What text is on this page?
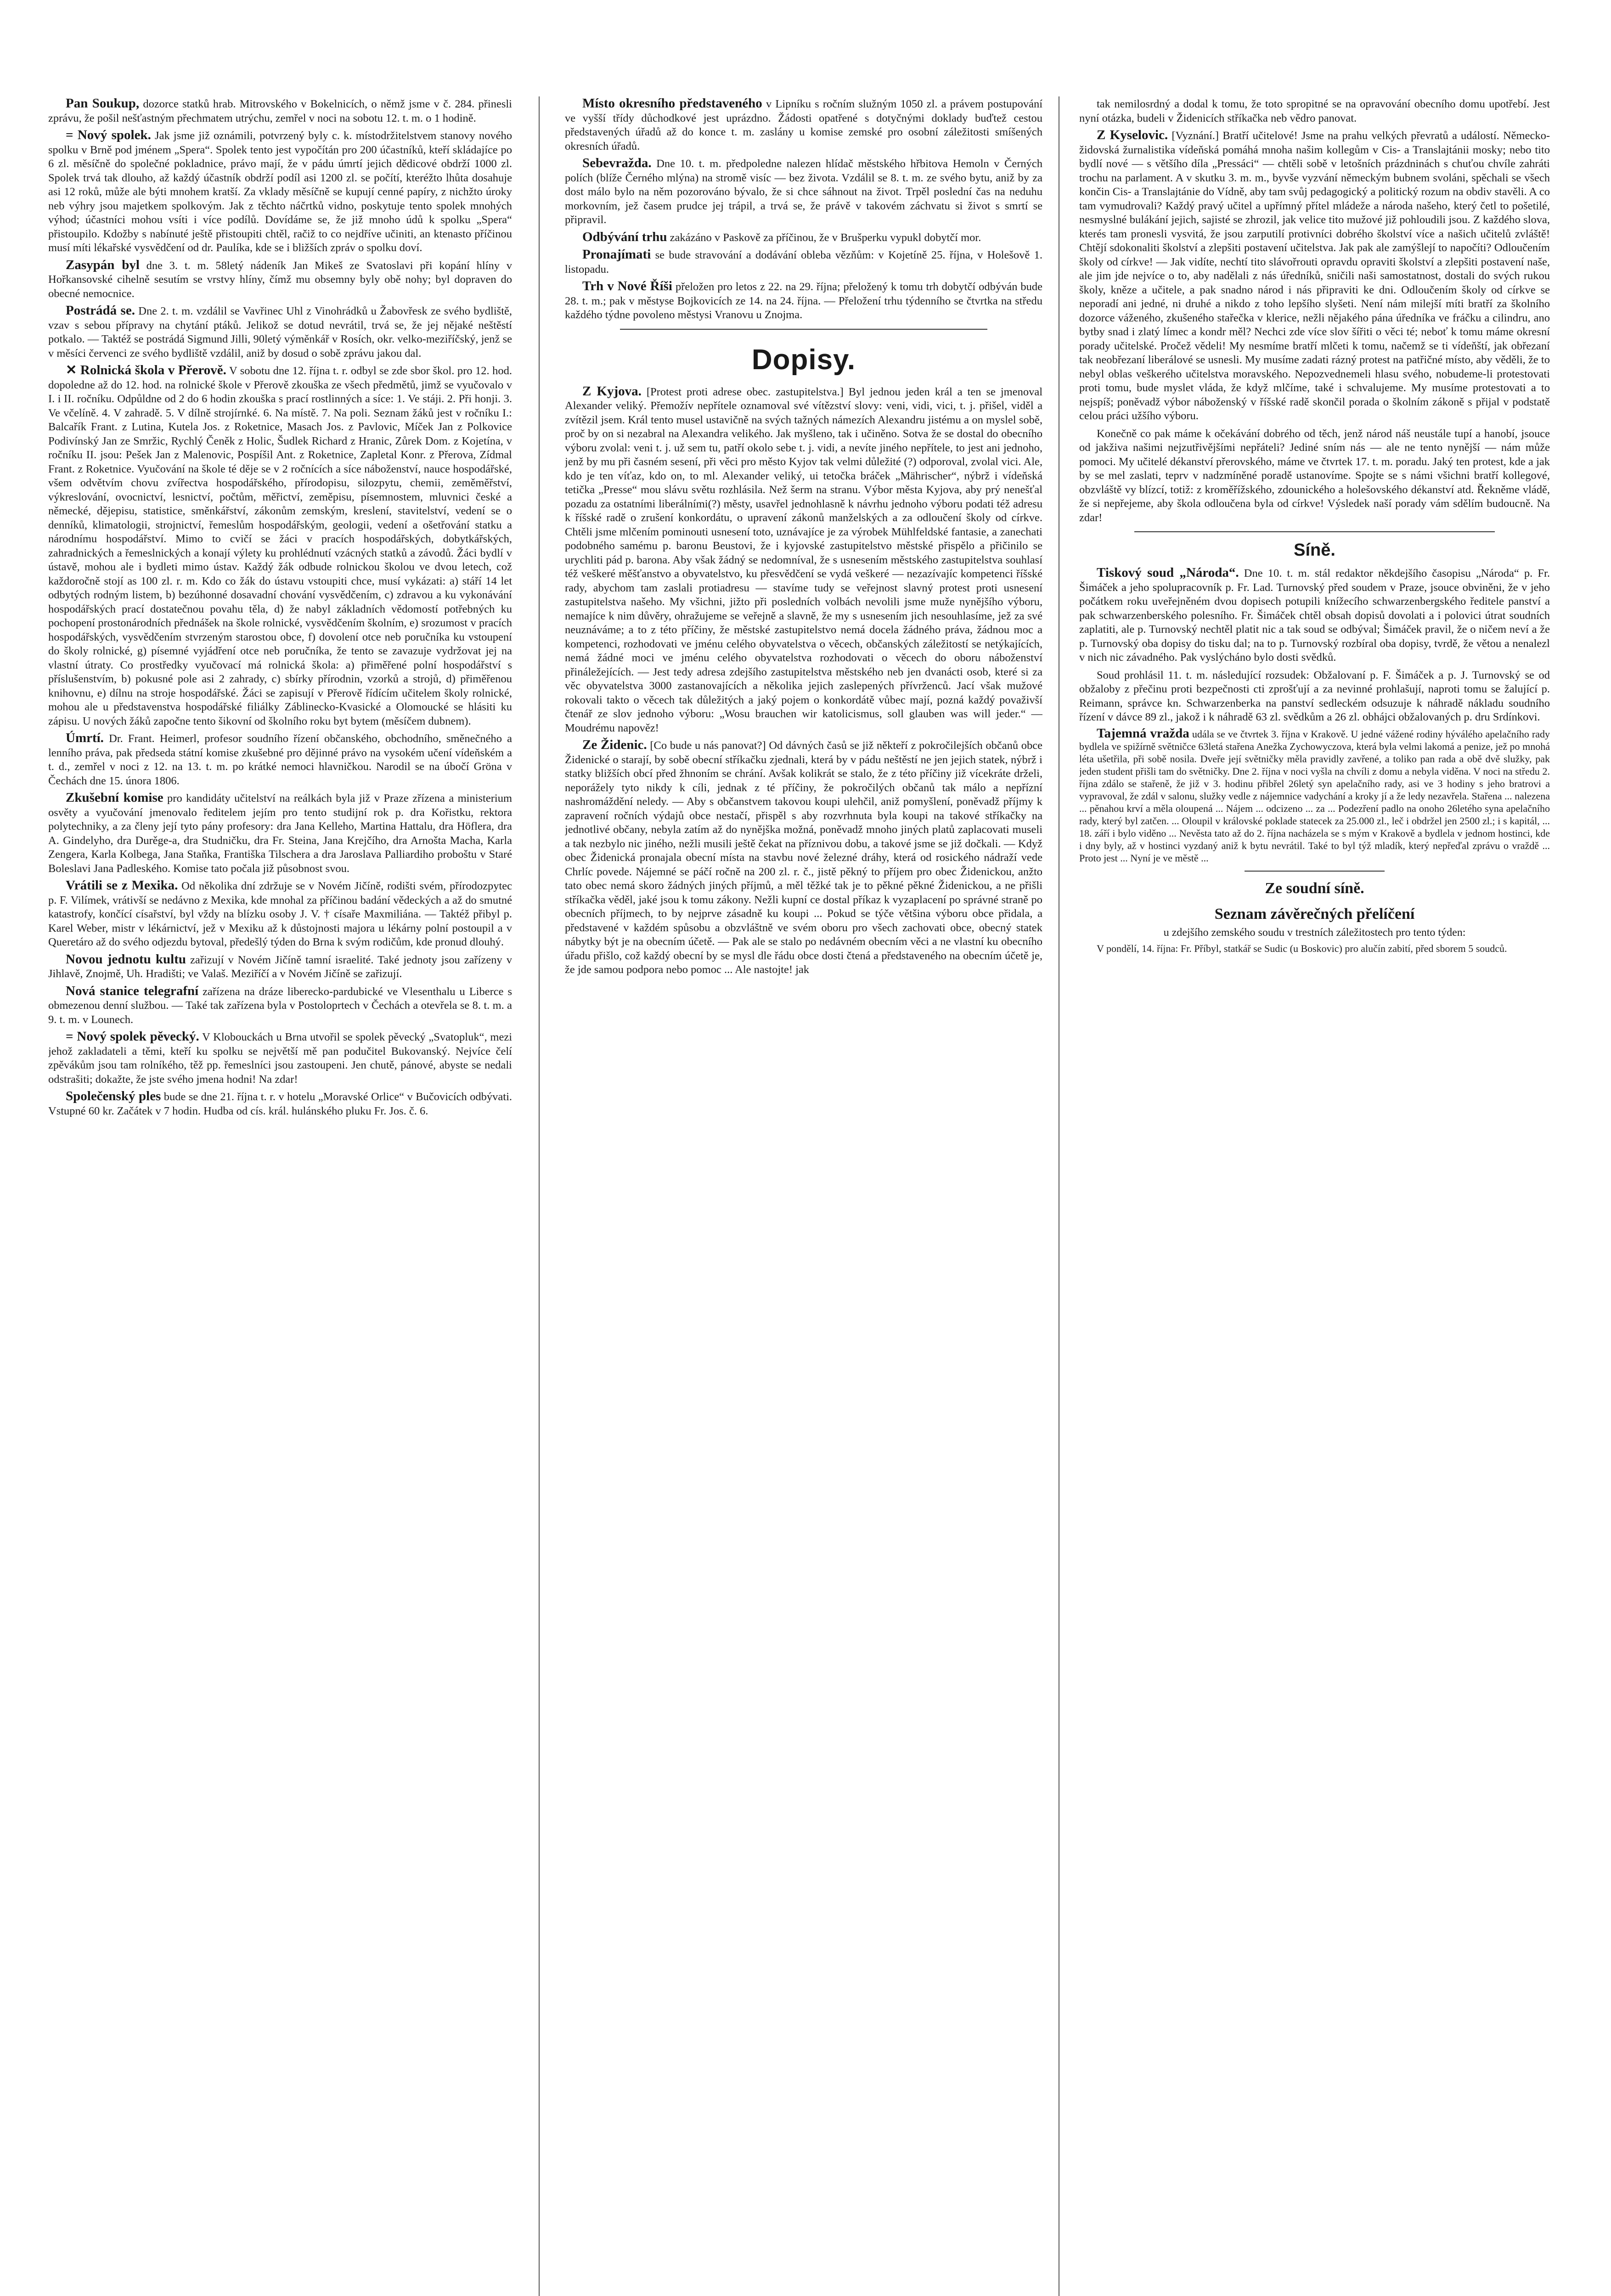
Pan Soukup, dozorce statků hrab. Mitrovského v Bokelnicích, o němž jsme v č. 284. přinesli zprávu, že pošil nešťastným přechmatem utrýchu, zemřel v noci na sobotu 12. t. m. o 1 hodině.

= Nový spolek. Jak jsme již oznámili, potvrzený byly c. k. místodržitelstvem stanovy nového spolku v Brně pod jménem „Spera“. Spolek tento jest vypočítán pro 200 účastníků, kteří skládajíce po 6 zl. měsíčně do společné pokladnice, právo mají, že v pádu úmrtí jejich dědicové obdrží 1000 zl. Spolek trvá tak dlouho, až každý účastník obdrží podíl asi 1200 zl. se počítí, kteréžto lhůta dosahuje asi 12 roků, může ale býti mnohem kratší. Za vklady měsíčně se kupují cenné papíry, z nichžto úroky neb výhry jsou majetkem spolkovým. Jak z těchto náčrtků vidno, poskytuje tento spolek mnohých výhod; účastníci mohou vsíti i více podílů. Dovídáme se, že již mnoho údů k spolku „Spera“ přistoupilo. Kdožby s nabínuté ještě přistoupiti chtěl, račiž to co nejdříve učiniti, an ktenasto příčinou musí míti lékařské vysvědčení od dr. Paulíka, kde se i bližších zpráv o spolku doví.

Zasypán byl dne 3. t. m. 58letý nádeník Jan Mikeš ze Svatoslavi při kopání hlíny v Hořkansovské cihelně sesutím se vrstvy hlíny, čímž mu obsemny byly obě nohy; byl dopraven do obecné nemocnice.

Postrádá se. Dne 2. t. m. vzdálil se Vavřinec Uhl z Vinohrádků u Žabovřesk ze svého bydliště, vzav s sebou přípravy na chytání ptáků. Jelikož se dotud nevrátil, trvá se, že jej nějaké neštěstí potkalo. — Taktéž se postrádá Sigmund Jilli, 90letý výměnkář v Rosích, okr. velko-meziříčský, jenž se v měsíci červenci ze svého bydliště vzdálil, aniž by dosud o sobě zprávu jakou dal.

✕ Rolnická škola v Přerově. V sobotu dne 12. října t. r. odbyl se zde sbor škol. pro 12. hod. dopoledne až do 12. hod. na rolnické škole v Přerově zkouška ze všech předmětů, jimž se vyučovalo v I. i II. ročníku. Odpůldne od 2 do 6 hodin zkouška s prací rostlinných a síce: 1. Ve stáji. 2. Při honji. 3. Ve včelíně. 4. V zahradě. 5. V dílně strojírnké. 6. Na místě. 7. Na poli. Seznam žáků jest v ročníku I.: Balcařík Frant. z Lutina, Kutela Jos. z Roketnice, Masach Jos. z Pavlovic, Míček Jan z Polkovice Podivínský Jan ze Smržic, Rychlý Čeněk z Holic, Šudlek Richard z Hranic, Zůrek Dom. z Kojetína, v ročníku II. jsou: Pešek Jan z Malenovic, Pospíšil Ant. z Roketnice, Zapletal Konr. z Přerova, Zídmal Frant. z Roketnice. Vyučování na škole té děje se v 2 ročnících a síce náboženství, nauce hospodářské, všem odvětvím chovu zvířectva hospodářského, přírodopisu, silozpytu, chemii, zeměměřství, výkreslování, ovocnictví, lesnictví, počtům, měřictví, zeměpisu, písemnostem, mluvnici české a německé, dějepisu, statistice, směnkářství, zákonům zemským, kreslení, stavitelství, vedení se o denníků, klimatologii, strojnictví, řemeslům hospodářským, geologii, vedení a ošetřování statku a národnímu hospodářství. Mimo to cvičí se žáci v pracích hospodářských, dobytkářských, zahradnických a řemeslnických a konají výlety ku prohlédnutí vzácných statků a závodů. Žáci bydlí v ústavě, mohou ale i bydleti mimo ústav. Každý žák odbude rolnickou školou ve dvou letech, což každoročně stojí as 100 zl. r. m. Kdo co žák do ústavu vstoupiti chce, musí vykázati: a) stáří 14 let odbytých rodným listem, b) bezúhonné dosavadní chování vysvědčením, c) zdravou a ku vykonávání hospodářských prací dostatečnou povahu těla, d) že nabyl základních vědomostí potřebných ku pochopení prostonárodních přednášek na škole rolnické, vysvědčením školním, e) srozumost v pracích hospodářských, vysvědčením stvrzeným starostou obce, f) dovolení otce neb poručníka ku vstoupení do školy rolnické, g) písemné vyjádření otce neb poručníka, že tento se zavazuje vydržovat jej na vlastní útraty. Co prostředky vyučovací má rolnická škola: a) přiměřené polní hospodářství s příslušenstvím, b) pokusné pole asi 2 zahrady, c) sbírky přírodnin, vzorků a strojů, d) přiměřenou knihovnu, e) dílnu na stroje hospodářské. Žáci se zapisují v Přerově řídícím učitelem školy rolnické, mohou ale u představenstva hospodářské filiálky Záblinecko-Kvasické a Olomoucké se hlásiti ku zápisu. U nových žáků započne tento šikovní od školního roku byt bytem (měsíčem dubnem).

Úmrtí. Dr. Frant. Heimerl, profesor soudního řízení občanského, obchodního, směnečného a lenního práva, pak předseda státní komise zkušebné pro dějinné právo na vysokém učení vídeňském a t. d., zemřel v noci z 12. na 13. t. m. po krátké nemoci hlavničkou. Narodil se na úbočí Gröna v Čechách dne 15. února 1806.

Zkušební komise pro kandidáty učitelství na reálkách byla již v Praze zřízena a ministerium osvěty a vyučování jmenovalo ředitelem jejím pro tento studijní rok p. dra Kořistku, rektora polytechniky, a za členy její tyto pány profesory: dra Jana Kelleho, Martina Hattalu, dra Höflera, dra A. Gindelyho, dra Durěge-a, dra Studničku, dra Fr. Steina, Jana Krejčího, dra Arnošta Macha, Karla Zengera, Karla Kolbega, Jana Staňka, Františka Tilschera a dra Jaroslava Palliardiho proboštu v Staré Boleslavi Jana Padleského. Komise tato počala již působnost svou.

Vrátili se z Mexika. Od několika dní zdržuje se v Novém Jičíně, rodišti svém, přírodozpytec p. F. Vilímek, vrátivší se nedávno z Mexika, kde mnohal za příčinou badání vědeckých a až do smutné katastrofy, končící císařství, byl vždy na blízku osoby J. V. † císaře Maxmiliána. — Taktéž přibyl p. Karel Weber, mistr v lékárnictví, jež v Mexiku až k důstojnosti majora u lékárny polní postoupil a v Queretáro až do svého odjezdu bytoval, předešlý týden do Brna k svým rodičům, kde pronud dlouhý.

Novou jednotu kultu zařizují v Novém Jičíně tamní israelité. Také jednoty jsou zařízeny v Jihlavě, Znojmě, Uh. Hradišti; ve Valaš. Meziříčí a v Novém Jičíně se zařizují.

Nová stanice telegrafní zařízena na dráze liberecko-pardubické ve Vlesenthalu u Liberce s obmezenou denní službou. — Také tak zařízena byla v Postoloprtech v Čechách a otevřela se 8. t. m. a 9. t. m. v Lounech.

= Nový spolek pěvecký. V Klobouckách u Brna utvořil se spolek pěvecký „Svatopluk“, mezi jehož zakladateli a těmi, kteří ku spolku se největší mě pan podučitel Bukovanský. Nejvíce čelí zpěvákům jsou tam rolníkého, těž pp. řemeslníci jsou zastoupeni. Jen chutě, pánové, abyste se nedali odstrašiti; dokažte, že jste svého jmena hodni! Na zdar!

Společenský ples bude se dne 21. října t. r. v hotelu „Moravské Orlice“ v Bučovicích odbývati. Vstupné 60 kr. Začátek v 7 hodin. Hudba od cís. král. hulánského pluku Fr. Jos. č. 6.

Místo okresního představeného v Lipníku s ročním služným 1050 zl. a právem postupování ve vyšší třídy důchodkové jest uprázdno. Žádosti opatřené s dotyčnými doklady buďtež cestou představených úřadů až do konce t. m. zaslány u komise zemské pro osobní záležitosti smíšených okresních úřadů.

Sebevražda. Dne 10. t. m. předpoledne nalezen hlídač městského hřbitova Hemoln v Černých polích (blíže Černého mlýna) na stromě visíc — bez života. Vzdálil se 8. t. m. ze svého bytu, aniž by za dost málo bylo na něm pozorováno bývalo, že si chce sáhnout na život. Trpěl poslední čas na neduhu morkovním, jež časem prudce jej trápil, a trvá se, že právě v takovém záchvatu si život s smrtí se připravil.

Odbývání trhu zakázáno v Paskově za příčinou, že v Brušperku vypukl dobytčí mor.

Pronajímati se bude stravování a dodávání obleba vězňům: v Kojetíně 25. října, v Holešově 1. listopadu.

Trh v Nové Říši přeložen pro letos z 22. na 29. října; přeložený k tomu trh dobytčí odbýván bude 28. t. m.; pak v městyse Bojkovicích ze 14. na 24. října. — Přeložení trhu týdenního se čtvrtka na středu každého týdne povoleno městysi Vranovu u Znojma.

Dopisy.

Z Kyjova. [Protest proti adrese obec. zastupitelstva.] Byl jednou jeden král a ten se jmenoval Alexander veliký. Přemožív nepřítele oznamoval své vítězství slovy: veni, vidi, vici, t. j. přišel, viděl a zvítězil jsem. Král tento musel ustavičně na svých tažných námezích Alexandru jistému a on myslel sobě, proč by on si nezabral na Alexandra velikého. Jak myšleno, tak i učiněno. Sotva že se dostal do obecního výboru zvolal: veni t. j. už sem tu, patří okolo sebe t. j. vidi, a nevíte jiného nepřítele, to jest ani jednoho, jenž by mu při časném sesení, při věci pro město Kyjov tak velmi důležité (?) odporoval, zvolal vici. Ale, kdo je ten víťaz, kdo on, to ml. Alexander veliký, ui tetočka bráček „Mährischer“, nýbrž i vídeňská tetička „Presse“ mou slávu světu rozhlásila. Než šerm na stranu. Výbor města Kyjova, aby prý nenešťal pozadu za ostatními liberálními(?) městy, usavřel jednohlasně k návrhu jednoho výboru podati též adresu k říšské radě o zrušení konkordátu, o upravení zákonů manželských a za odloučení školy od církve. Chtěli jsme mlčením pominouti usnesení toto, uznávajíce je za výrobek Mühlfeldské fantasie, a zanechati podobného samému p. baronu Beustovi, že i kyjovské zastupitelstvo městské přispělo a přičinilo se urychliti pád p. barona. Aby však žádný se nedomníval, že s usnesením městského zastupitelstva souhlasí též veškeré měšťanstvo a obyvatelstvo, ku přesvědčení se vydá veškeré — nezazívajíc kompetenci říšské rady, abychom tam zaslali protiadresu — stavíme tudy se veřejnost slavný protest proti usnesení zastupitelstva našeho. My všichni, jižto při posledních volbách nevolili jsme muže nynějšího výboru, nemajíce k nim důvěry, ohražujeme se veřejně a slavně, že my s usnesením jich nesouhlasíme, jež za své neuznáváme; a to z této příčiny, že městské zastupitelstvo nemá docela žádného práva, žádnou moc a kompetenci, rozhodovati ve jménu celého obyvatelstva o věcech, občanských záležitostí se netýkajících, nemá žádné moci ve jménu celého obyvatelstva rozhodovati o věcech do oboru náboženství přináležejících. — Jest tedy adresa zdejšího zastupitelstva městského neb jen dvanácti osob, které si za věc obyvatelstva 3000 zastanovajících a několika jejich zaslepených přívrženců. Jací však mužové rokovali takto o věcech tak důležitých a jaký pojem o konkordátě vůbec mají, pozná každý považivší čtenář ze slov jednoho výboru: „Wosu brauchen wir katolicismus, soll glauben was will jeder.“ — Moudrému napověz!

Ze Židenic. [Co bude u nás panovat?] Od dávných časů se již někteří z pokročilejších občanů obce Židenické o starají, by sobě obecní stříkačku zjednali, která by v pádu neštěstí ne jen jejich statek, nýbrž i statky bližších obcí před žhnoním se chrání. Avšak kolikrát se stalo, že z této příčiny již vícekráte drželi, neporážely tyto nikdy k cíli, jednak z té příčiny, že pokročilých občanů tak málo a nepřízní nashromáždění neledy. — Aby s občanstvem takovou koupi ulehčil, aniž pomyšlení, poněvadž příjmy k zapravení ročních výdajů obce nestačí, přispěl s aby rozvrhnuta byla koupi na takové stříkačky na jednotlivé občany, nebyla zatím až do nynějška možná, poněvadž mnoho jiných platů zaplacovati museli a tak nezbylo nic jiného, nežli musili ještě čekat na příznivou dobu, a takové jsme se již dočkali. — Když obec Židenická pronajala obecní místa na stavbu nové železné dráhy, která od rosického nádraží vede Chrlíc povede. Nájemné se páčí ročně na 200 zl. r. č., jistě pěkný to příjem pro obec Židenickou, anžto tato obec nemá skoro žádných jiných příjmů, a měl těžké tak je to pěkné pěkné Židenickou, a ne přišli stříkačka věděl, jaké jsou k tomu zákony. Nežli kupní ce dostal příkaz k vyzaplacení po správné straně po obecních příjmech, to by nejprve zásadně ku koupi ... Pokud se týče většina výboru obce přidala, a představené v každém spůsobu a obzvláštně ve svém oboru pro všech zachovati obce, obecný statek nábytky být je na obecním účetě. — Pak ale se stalo po nedávném obecním věci a ne vlastní ku obecního úřadu přišlo, což každý obecní by se mysl dle řádu obce dosti čtená a představeného na obecním účetě je, že jde samou podpora nebo pomoc ... Ale nastojte! jak

tak nemilosrdný a dodal k tomu, že toto spropitné se na opravování obecního domu upotřebí. Jest nyní otázka, budeli v Židenicích stříkačka neb vědro panovat.

Z Kyselovic. [Vyznání.] Bratří učitelové! Jsme na prahu velkých převratů a událostí. Německo-židovská žurnalistika vídeňská pomáhá mnoha našim kollegům v Cis- a Translajtánii mosky; nebo tito bydlí nové — s většího díla „Pressáci“ — chtěli sobě v letošních prázdninách s chuťou chvíle zahráti trochu na parlament. A v skutku 3. m. m., byvše vyzvání německým bubnem svoláni, spěchali se všech končin Cis- a Translajtánie do Vídně, aby tam svůj pedagogický a politický rozum na obdiv stavěli. A co tam vymudrovali? Každý pravý učitel a upřímný přítel mládeže a národa našeho, který četl to pošetilé, nesmyslné bulákání jejich, sajisté se zhrozil, jak velice tito mužové již pohloudili jsou. Z každého slova, kterés tam pronesli vysvitá, že jsou zarputilí protivníci dobrého školství více a našich učitelů zvláště! Chtějí sdokonaliti školství a zlepšiti postavení učitelstva. Jak pak ale zamýšlejí to napočíti? Odloučením školy od církve! — Jak vidíte, nechtí tito slávořrouti opravdu opraviti školství a zlepšiti postavení naše, ale jim jde nejvíce o to, aby nadělali z nás úředníků, sničili naši samostatnost, dostali do svých rukou školy, kněze a učitele, a pak snadno národ i nás připraviti ke dni. Odloučením školy od církve se neporadí ani jedné, ni druhé a nikdo z toho lepšího slyšeti. Není nám milejší míti bratří za školního dozorce váženého, zkušeného stařečka v klerice, nežli nějakého pána úředníka ve fráčku a cilindru, ano bytby snad i zlatý límec a kondr měl? Nechci zde více slov šířiti o věci té; neboť k tomu máme okresní porady učitelské. Pročež vědeli! My nesmíme bratří mlčeti k tomu, načemž se ti vídeňští, jak obřezaní tak neobřezaní liberálové se usnesli. My musíme zadati rázný protest na patřičné místo, aby věděli, že to nebyl oblas veškerého učitelstva moravského. Nepozvednemeli hlasu svého, nobudeme-li protestovati proti tomu, bude myslet vláda, že když mlčíme, také i schvalujeme. My musíme protestovati a to nejspíš; poněvadž výbor náboženský v říšské radě skončil porada o školním zákoně s přijal v podstatě celou práci užšího výboru.

Konečně co pak máme k očekávání dobrého od těch, jenž národ náš neustále tupí a hanobí, jsouce od jakživa našimi nejzutřivějšími nepřáteli? Jediné sním nás — ale ne tento nynější — nám může pomoci. My učitelé dékanství přerovského, máme ve čtvrtek 17. t. m. poradu. Jaký ten protest, kde a jak by se mel zaslati, teprv v nadzmíněné poradě ustanovíme. Spojte se s námi všichni bratří kollegové, obzvláště vy blízcí, totiž: z kroměřížského, zdounického a holešovského dékanství atd. Řekněme vládě, že si nepřejeme, aby škola odloučena byla od církve! Výsledek naší porady vám sdělím budoucně. Na zdar!

Síně.

Tiskový soud „Národa“. Dne 10. t. m. stál redaktor někdejšího časopisu „Národa“ p. Fr. Šimáček a jeho spolupracovník p. Fr. Lad. Turnovský před soudem v Praze, jsouce obviněni, že v jeho počátkem roku uveřejněném dvou dopisech potupili knížecího schwarzenbergského ředitele panství a pak schwarzenberského polesního. Fr. Šimáček chtěl obsah dopisů dovolati a i polovici útrat soudních zaplatiti, ale p. Turnovský nechtěl platit nic a tak soud se odbýval; Šimáček pravil, že o ničem neví a že p. Turnovský oba dopisy do tisku dal; na to p. Turnovský rozbíral oba dopisy, tvrdě, že větou a nenalezl v nich nic závadného. Pak vyslýcháno bylo dosti svědků.

Soud prohlásil 11. t. m. následující rozsudek: Obžalovaní p. F. Šimáček a p. J. Turnovský se od obžaloby z přečinu proti bezpečnosti cti zprošťují a za nevinné prohlašují, naproti tomu se žalující p. Reimann, správce kn. Schwarzenberka na panství sedleckém odsuzuje k náhradě nákladu soudního řízení v dávce 89 zl., jakož i k náhradě 63 zl. svědkům a 26 zl. obhájci obžalovaných p. dru Srdínkovi.

Tajemná vražda udála se ve čtvrtek 3. října v Krakově. U jedné vážené rodiny hýválého apelačního rady bydlela ve spižírně světničce 63letá stařena Anežka Zychowyczova, která byla velmi lakomá a penize, jež po mnohá léta ušetřila, při sobě nosila. Dveře její světničky měla pravidly zavřené, a toliko pan rada a obě dvě služky, pak jeden student přišli tam do světničky. Dne 2. října v noci vyšla na chvíli z domu a nebyla viděna. V noci na středu 2. října zdálo se stařeně, že již v 3. hodinu přibřel 26letý syn apelačního rady, asi ve 3 hodiny s jeho bratrovi a vypravoval, že zdál v salonu, služky vedle z nájemnice vadychání a kroky jí a že ledy nezavřela. Stařena ... nalezena ... pěnahou krví a měla oloupená ... Nájem ... odcizeno ... za ... Podezření padlo na onoho 26letého syna apelačního rady, který byl zatčen. ... Oloupil v královské poklade statecek za 25.000 zl., leč i obdržel jen 2500 zl.; i s kapitál, ... 18. září i bylo viděno ... Nevěsta tato až do 2. října nacházela se s mým v Krakově a bydlela v jednom hostinci, kde i dny byly, až v hostinci vyzdaný aniž k bytu nevrátil. Také to byl týž mladík, který nepřeďal zprávu o vraždě ... Proto jest ... Nyní je ve městě ...

Ze soudní síně.
Seznam závěrečných přelíčení
u zdejšího zemského soudu v trestních záležitostech pro tento týden:

V pondělí, 14. října: Fr. Příbyl, statkář se Sudic (u Boskovic) pro alučín zabití, před sborem 5 soudců.
